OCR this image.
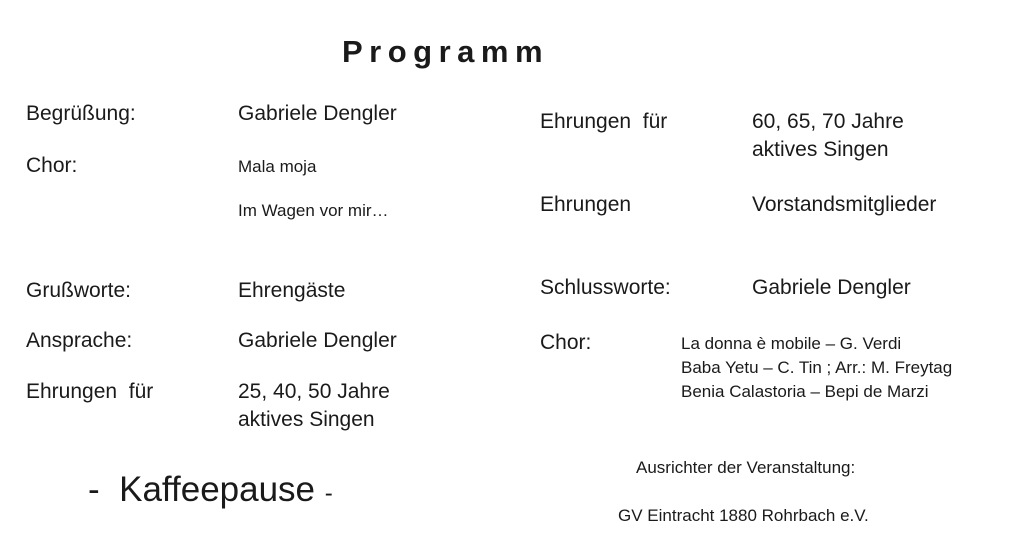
Programm
Begrüßung:	Gabriele Dengler
Chor:	Mala moja
Im Wagen vor mir…
Grußworte:	Ehrengäste
Ansprache:	Gabriele Dengler
Ehrungen  für	25, 40, 50 Jahre
aktives Singen
- Kaffeepause -
Ehrungen  für	60, 65, 70 Jahre
aktives Singen
Ehrungen	Vorstandsmitglieder
Schlussworte:	Gabriele Dengler
Chor:	La donna è mobile – G. Verdi
Baba Yetu – C. Tin ; Arr.: M. Freytag
Benia Calastoria – Bepi de Marzi
Ausrichter der Veranstaltung:
GV Eintracht 1880 Rohrbach e.V.
